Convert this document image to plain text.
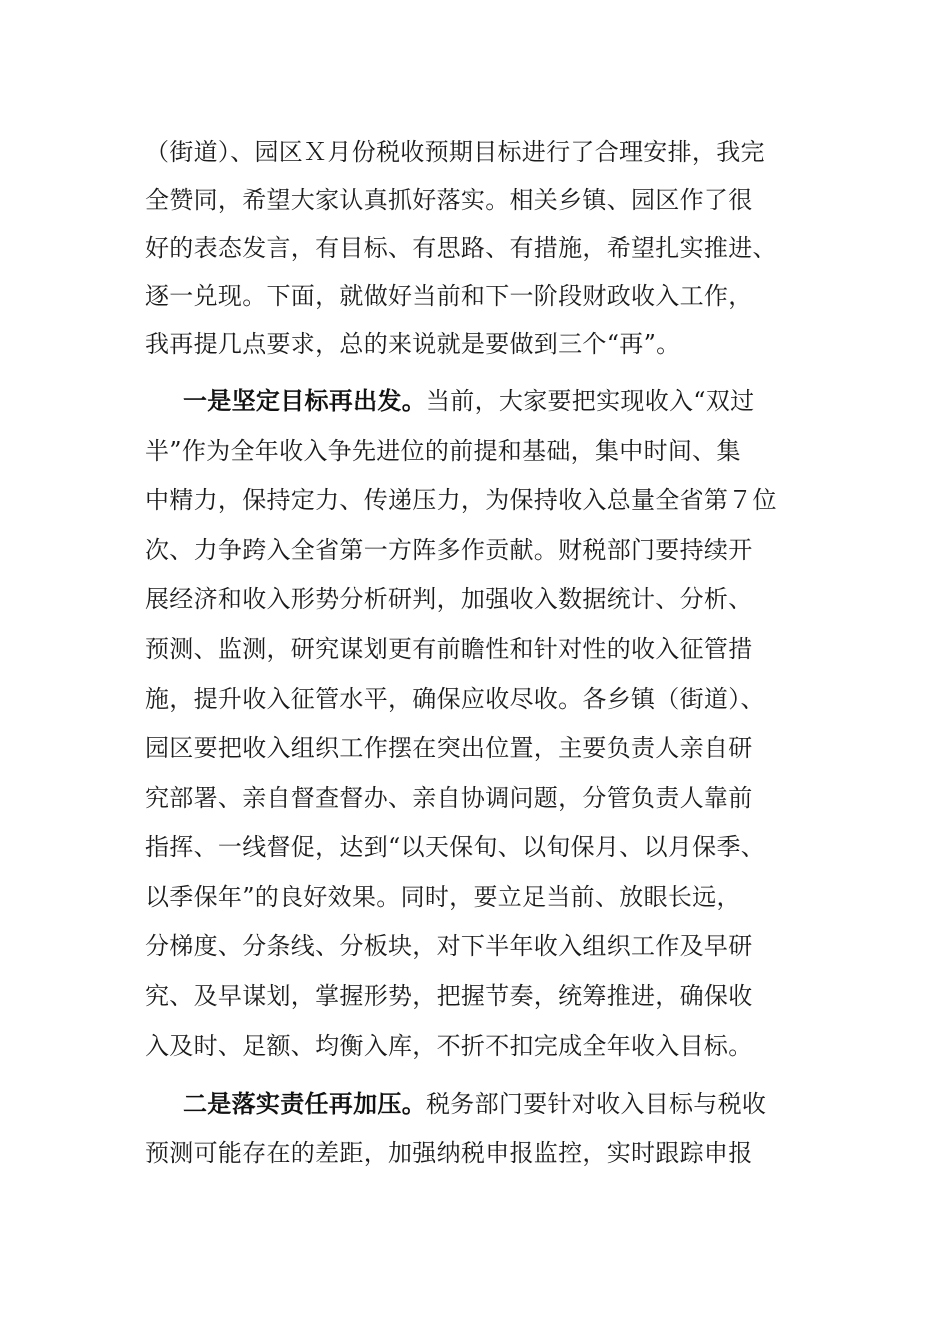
（街道）、园区Ｘ月份税收预期目标进行了合理安排，我完
全赞同，希望大家认真抓好落实。相关乡镇、园区作了很
好的表态发言，有目标、有思路、有措施，希望扎实推进、
逐一兑现。下面，就做好当前和下一阶段财政收入工作，
我再提几点要求，总的来说就是要做到三个“再”。
一是坚定目标再出发。当前，大家要把实现收入“双过
半”作为全年收入争先进位的前提和基础，集中时间、集
中精力，保持定力、传递压力，为保持收入总量全省第７位
次、力争跨入全省第一方阵多作贡献。财税部门要持续开
展经济和收入形势分析研判，加强收入数据统计、分析、
预测、监测，研究谋划更有前瞻性和针对性的收入征管措
施，提升收入征管水平，确保应收尽收。各乡镇（街道）、
园区要把收入组织工作摆在突出位置，主要负责人亲自研
究部署、亲自督查督办、亲自协调问题，分管负责人靠前
指挥、一线督促，达到“以天保旬、以旬保月、以月保季、
以季保年”的良好效果。同时，要立足当前、放眼长远，
分梯度、分条线、分板块，对下半年收入组织工作及早研
究、及早谋划，掌握形势，把握节奏，统筹推进，确保收
入及时、足额、均衡入库，不折不扣完成全年收入目标。
二是落实责任再加压。税务部门要针对收入目标与税收
预测可能存在的差距，加强纳税申报监控，实时跟踪申报
